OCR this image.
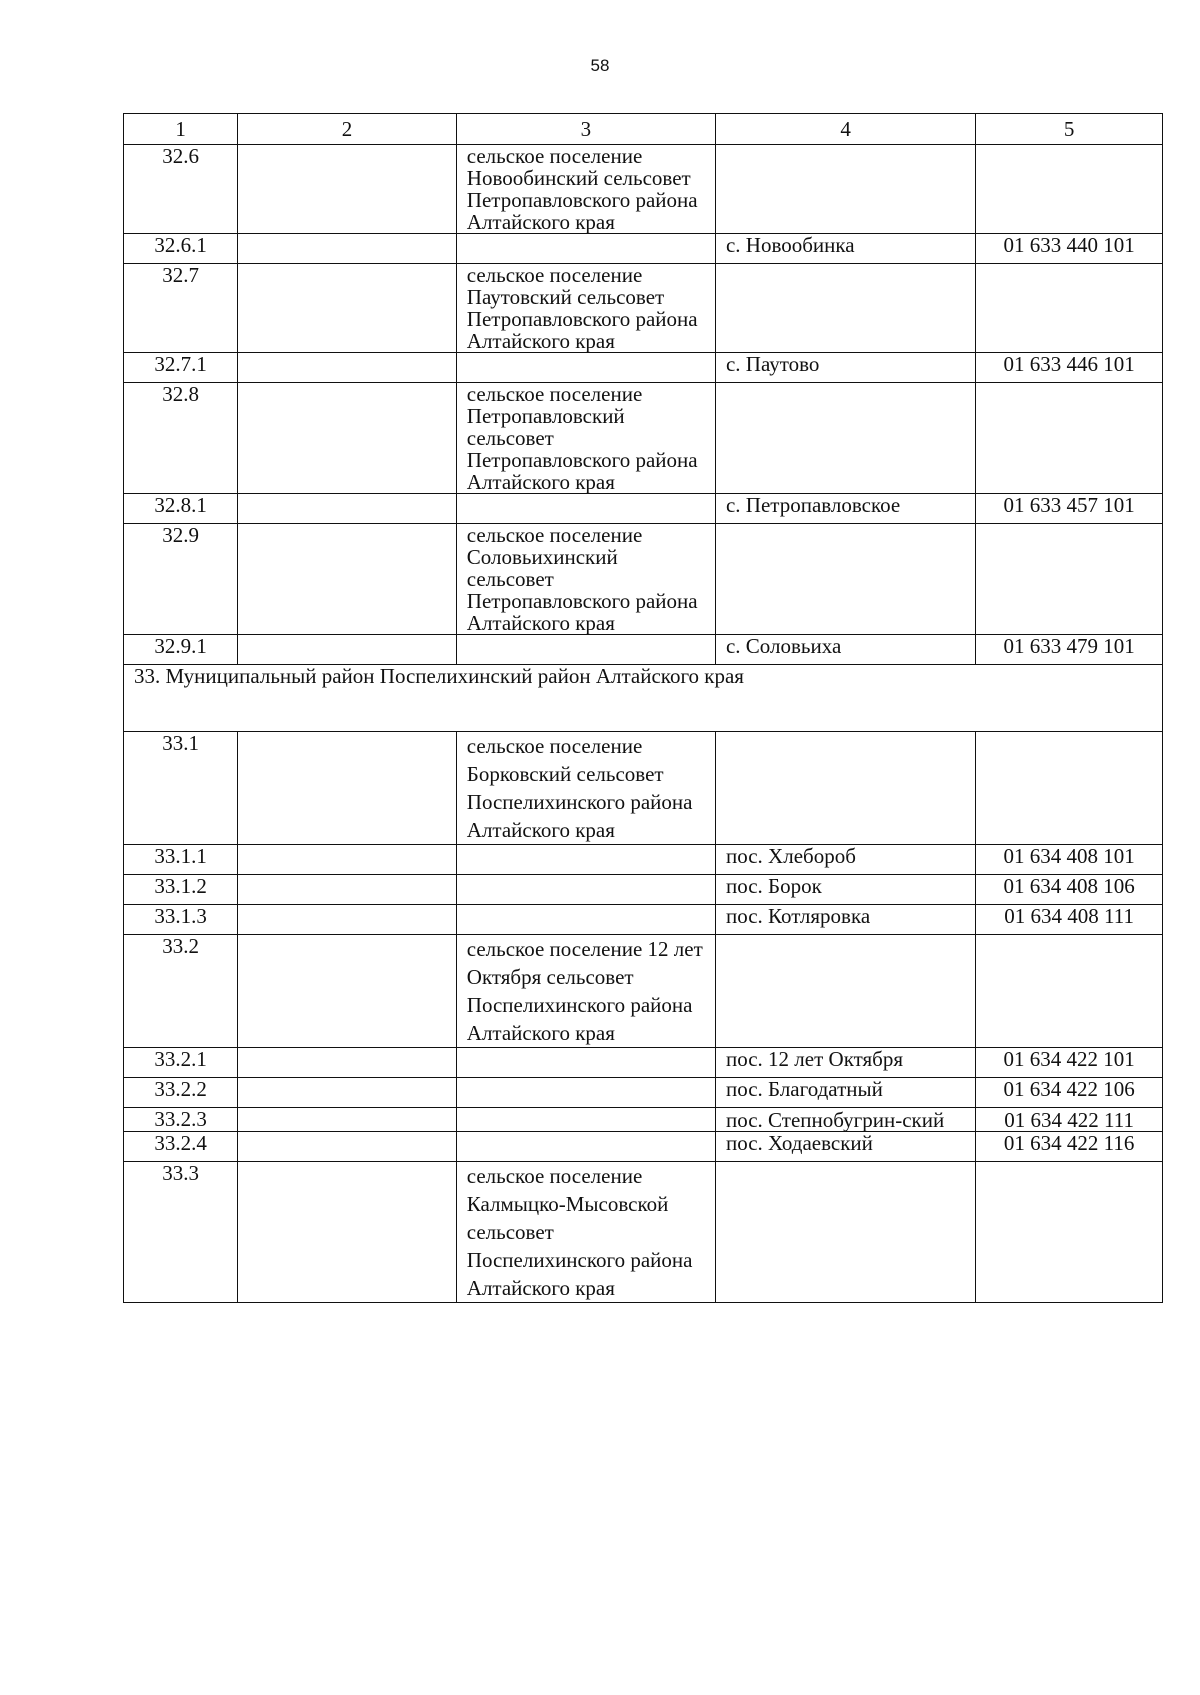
58
1	2	3	4	5
32.6		сельское поселение Новообинский сельсовет Петропавловского района Алтайского края		
32.6.1			с. Новообинка	01 633 440 101
32.7		сельское поселение Паутовский сельсовет Петропавловского района Алтайского края		
32.7.1			с. Паутово	01 633 446 101
32.8		сельское поселение Петропавловский сельсовет Петропавловского района Алтайского края		
32.8.1			с. Петропавловское	01 633 457 101
32.9		сельское поселение Соловьихинский сельсовет Петропавловского района Алтайского края		
32.9.1			с. Соловьиха	01 633 479 101
33. Муниципальный район Поспелихинский район Алтайского края				
33.1		сельское поселение Борковский сельсовет Поспелихинского района Алтайского края		
33.1.1			пос. Хлебороб	01 634 408 101
33.1.2			пос. Борок	01 634 408 106
33.1.3			пос. Котляровка	01 634 408 111
33.2		сельское поселение 12 лет Октября сельсовет Поспелихинского района Алтайского края		
33.2.1			пос. 12 лет Октября	01 634 422 101
33.2.2			пос. Благодатный	01 634 422 106
33.2.3			пос. Степнобугрин-ский	01 634 422 111
33.2.4			пос. Ходаевский	01 634 422 116
33.3		сельское поселение Калмыцко-Мысовской сельсовет Поспелихинского района Алтайского края		
